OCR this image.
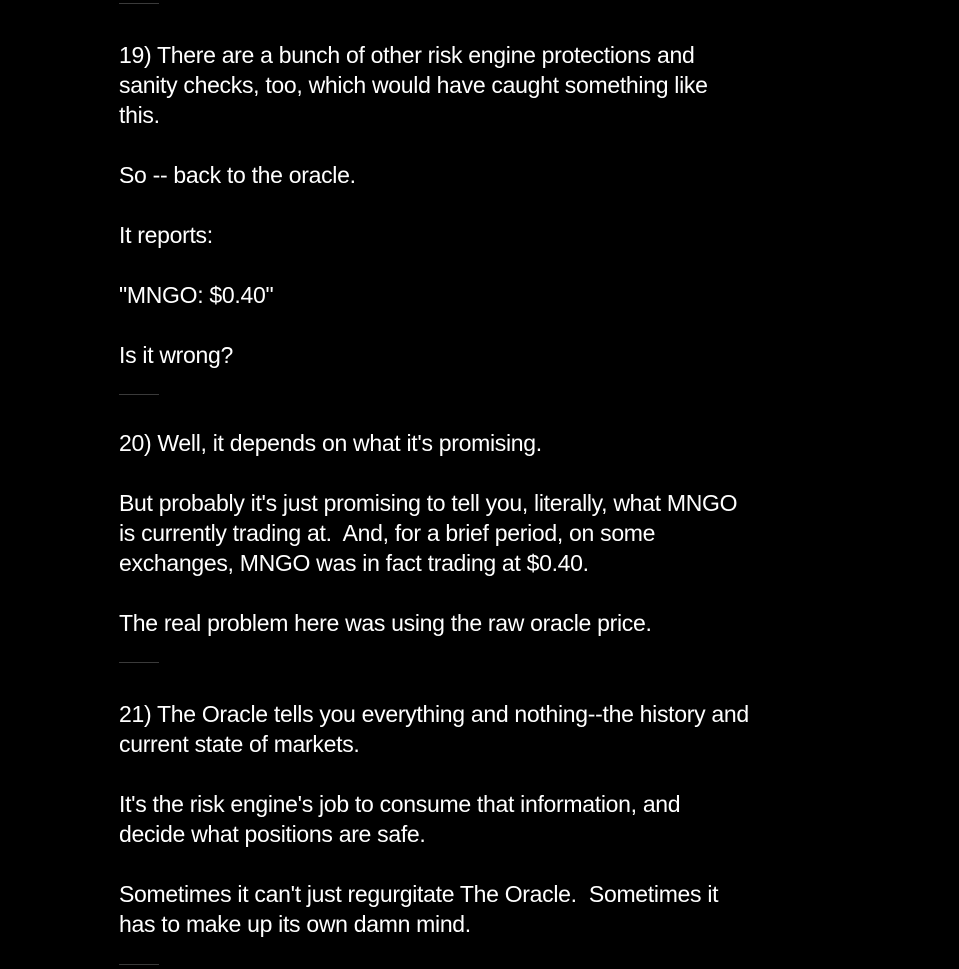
19) There are a bunch of other risk engine protections and
sanity checks, too, which would have caught something like
this.

So -- back to the oracle.

It reports:

"MNGO: $0.40"

Is it wrong?

20) Well, it depends on what it's promising.

But probably it's just promising to tell you, literally, what MNGO
is currently trading at.  And, for a brief period, on some
exchanges, MNGO was in fact trading at $0.40.

The real problem here was using the raw oracle price.

21) The Oracle tells you everything and nothing--the history and
current state of markets.

It's the risk engine's job to consume that information, and
decide what positions are safe.

Sometimes it can't just regurgitate The Oracle.  Sometimes it
has to make up its own damn mind.
